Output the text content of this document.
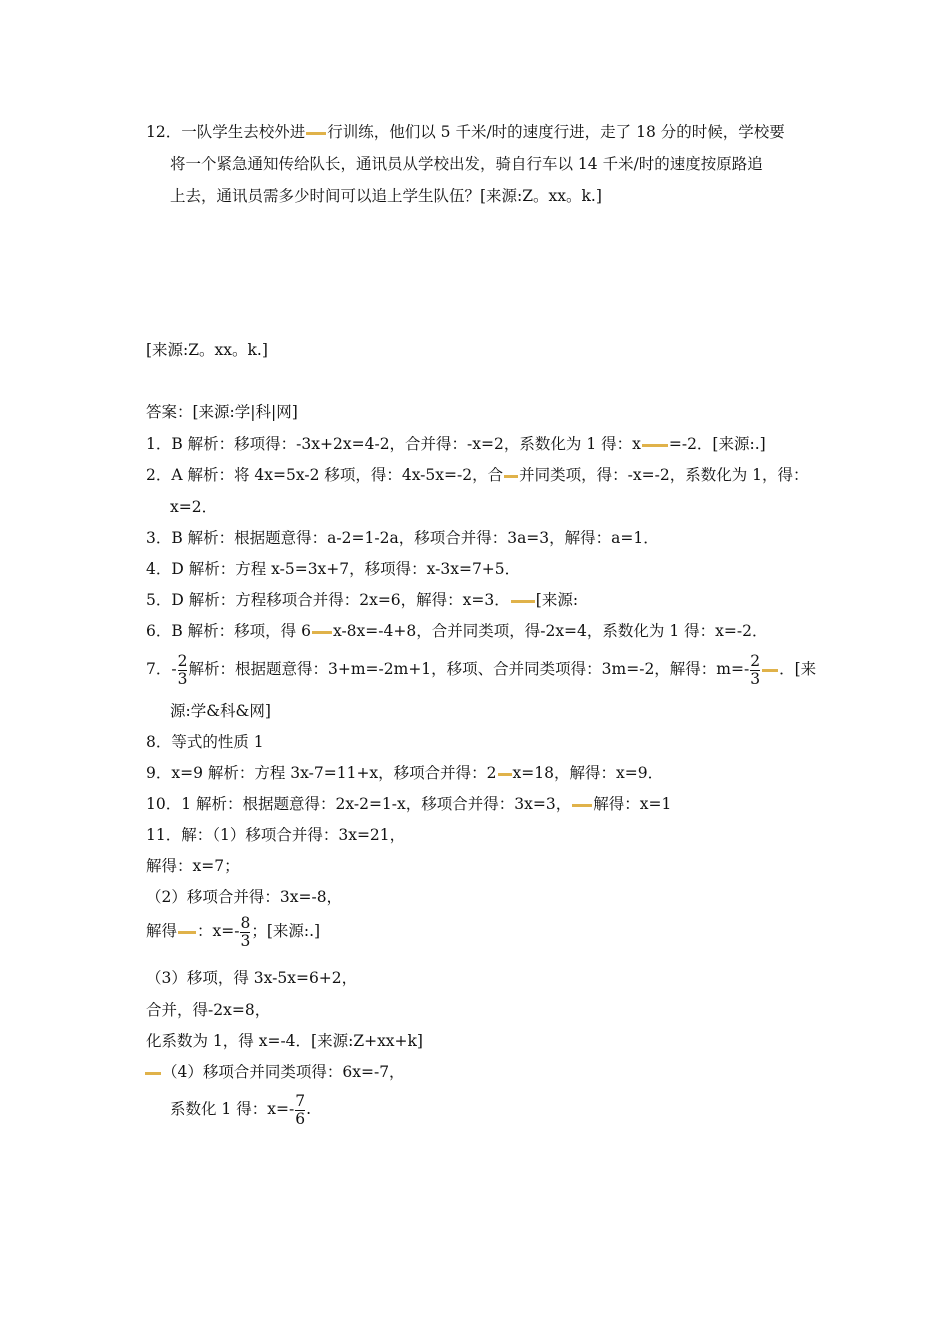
12．一队学生去校外进 行训练，他们以 5 千米/时的速度行进，走了 18 分的时候，学校要
将一个紧急通知传给队长，通讯员从学校出发，骑自行车以 14 千米/时的速度按原路追
上去，通讯员需多少时间可以追上学生队伍？[来源:Z。xx。k.]
[来源:Z。xx。k.]
答案：[来源:学|科|网]
1．B 解析：移项得：-3x+2x=4-2，合并得：-x=2，系数化为 1 得：x =-2．[来源:.]
2．A 解析：将 4x=5x-2 移项，得：4x-5x=-2，合 并同类项，得：-x=-2，系数化为 1，得：
x=2．
3．B 解析：根据题意得：a-2=1-2a，移项合并得：3a=3，解得：a=1．
4．D 解析：方程 x-5=3x+7，移项得：x-3x=7+5．
5．D 解析：方程移项合并得：2x=6，解得：x=3． [来源:
6．B 解析：移项，得 6 x-8x=-4+8，合并同类项，得-2x=4，系数化为 1 得：x=-2．
7．- $\frac{2}{3}$ 解析：根据题意得：3+m=-2m+1，移项、合并同类项得：3m=-2，解得：$m=- \frac{2}{3}$ ．[来
源:学&科&网]
8．等式的性质 1
9．x=9 解析：方程 3x-7=11+x，移项合并得：2 x=18，解得：x=9．
10．1 解析：根据题意得：2x-2=1-x，移项合并得：3x=3， 解得：x=1
11．解：（1）移项合并得：3x=21，
解得：x=7；
（2）移项合并得：3x=-8，
解得 ：$x=- \frac{8}{3}$ ；[来源:.]
（3）移项，得 3x-5x=6+2，
合并，得-2x=8，
化系数为 1，得 x=-4．[来源:Z+xx+k]
（4）移项合并同类项得：6x=-7，
系数化 1 得：$x=- \frac{7}{6}$ .
